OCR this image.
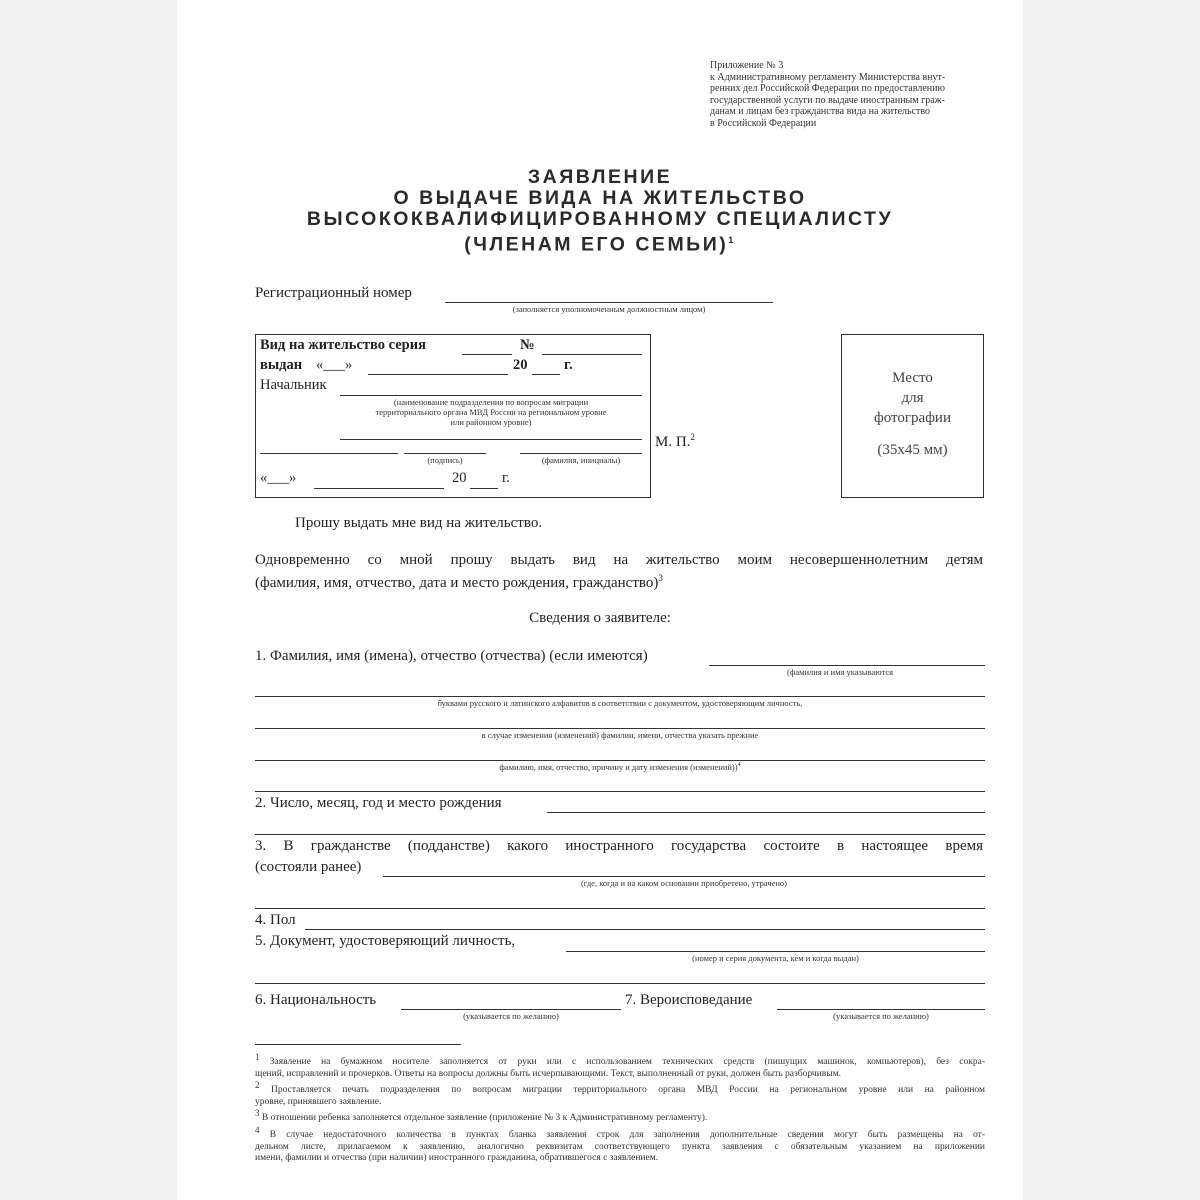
Приложение № 3
к Административному регламенту Министерства внут-
ренних дел Российской Федерации по предоставлению
государственной услуги по выдаче иностранным граж-
данам и лицам без гражданства вида на жительство
в Российской Федерации
ЗАЯВЛЕНИЕ
О ВЫДАЧЕ ВИДА НА ЖИТЕЛЬСТВО
ВЫСОКОКВАЛИФИЦИРОВАННОМУ СПЕЦИАЛИСТУ
(ЧЛЕНАМ ЕГО СЕМЬИ)$^1$
Регистрационный номер
(заполняется уполномоченным должностным лицом)
Вид на жительство серия	№
выдан «___»	20	г.
Начальник
(наименование подразделения по вопросам миграции
территориального органа МВД России на региональном уровне
или районном уровне)
(подпись)	(фамилия, инициалы)
«___»	20 г.
М. П.$^2$
Место
для
фотографии
(35х45 мм)
Прошу выдать мне вид на жительство.
Одновременно со мной прошу выдать вид на жительство моим несовершеннолетним детям
(фамилия, имя, отчество, дата и место рождения, гражданство)$^3$
Сведения о заявителе:
1. Фамилия, имя (имена), отчество (отчества) (если имеются)
(фамилия и имя указываются
буквами русского и латинского алфавитов в соответствии с документом, удостоверяющим личность,
в случае изменения (изменений) фамилии, имени, отчества указать прежние
фамилию, имя, отчество, причину и дату изменения (изменений))$^4$
2. Число, месяц, год и место рождения
3. В гражданстве (подданстве) какого иностранного государства состоите в настоящее время
(состояли ранее)
(где, когда и на каком основании приобретено, утрачено)
4. Пол
5. Документ, удостоверяющий личность,
(номер и серия документа, кем и когда выдан)
6. Национальность
(указывается по желанию)
7. Вероисповедание
(указывается по желанию)
$^1$ Заявление на бумажном носителе заполняется от руки или с использованием технических средств (пишущих машинок, компьютеров), без сокра-
щений, исправлений и прочерков. Ответы на вопросы должны быть исчерпывающими. Текст, выполненный от руки, должен быть разборчивым.
$^2$ Проставляется печать подразделения по вопросам миграции территориального органа МВД России на региональном уровне или на районном
уровне, принявшего заявление.
$^3$ В отношении ребенка заполняется отдельное заявление (приложение № 3 к Административному регламенту).
$^4$ В случае недостаточного количества в пунктах бланка заявления строк для заполнения дополнительные сведения могут быть размещены на от-
дельном листе, прилагаемом к заявлению, аналогично реквизитам соответствующего пункта заявления с обязательным указанием на приложении
имени, фамилии и отчества (при наличии) иностранного гражданина, обратившегося с заявлением.
